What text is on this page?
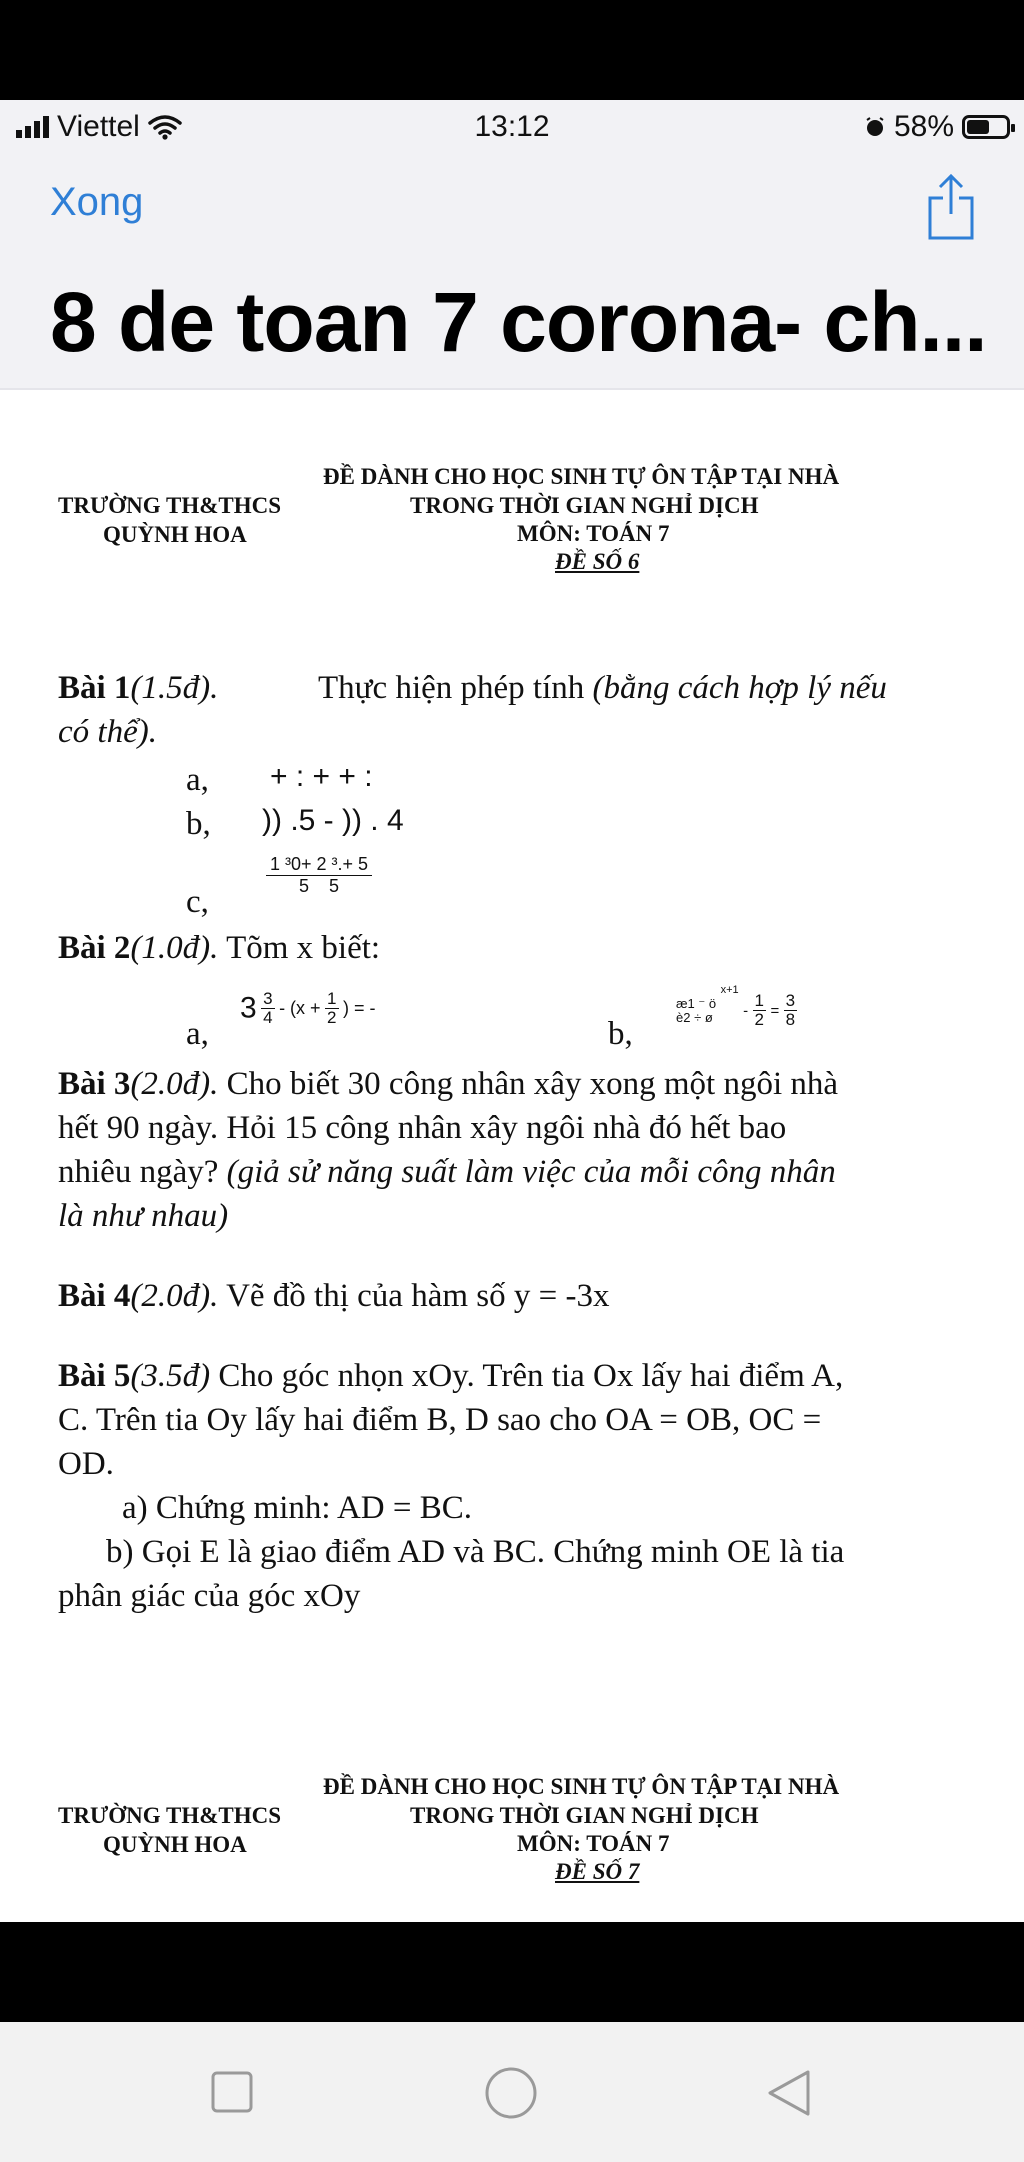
Viettel	13:12	58%
Xong
8 de toan 7 corona- ch...
TRƯỜNG TH&THCS
QUỲNH HOA
ĐỀ DÀNH CHO HỌC SINH TỰ ÔN TẬP TẠI NHÀ
TRONG THỜI GIAN NGHỈ DỊCH
MÔN: TOÁN 7
ĐỀ SỐ 6
Bài 1(1.5đ).	Thực hiện phép tính (bằng cách hợp lý nếu
có thể).
a, + : + + :
b, )) .5 - )) . 4
c,
$\frac{\text{1 ³0+ 2 ³.+ 5}}{5 5}$
Bài 2(1.0đ). Tõm x biết:
a,
$3 \frac{3}{4} - (x + \frac{1}{2}$ ) = -
b,
æ1 ⁻ ö
è2 ÷ ø
$^{x+1} - \frac{1}{2} = \frac{3}{8}$
Bài 3(2.0đ). Cho biết 30 công nhân xây xong một ngôi nhà
hết 90 ngày. Hỏi 15 công nhân xây ngôi nhà đó hết bao
nhiêu ngày? (giả sử năng suất làm việc của mỗi công nhân
là như nhau)
Bài 4(2.0đ). Vẽ đồ thị của hàm số y = -3x
Bài 5(3.5đ) Cho góc nhọn xOy. Trên tia Ox lấy hai điểm A,
C. Trên tia Oy lấy hai điểm B, D sao cho OA = OB, OC =
OD.
a) Chứng minh: AD = BC.
b) Gọi E là giao điểm AD và BC. Chứng minh OE là tia
phân giác của góc xOy
TRƯỜNG TH&THCS
QUỲNH HOA
ĐỀ DÀNH CHO HỌC SINH TỰ ÔN TẬP TẠI NHÀ
TRONG THỜI GIAN NGHỈ DỊCH
MÔN: TOÁN 7
ĐỀ SỐ 7
